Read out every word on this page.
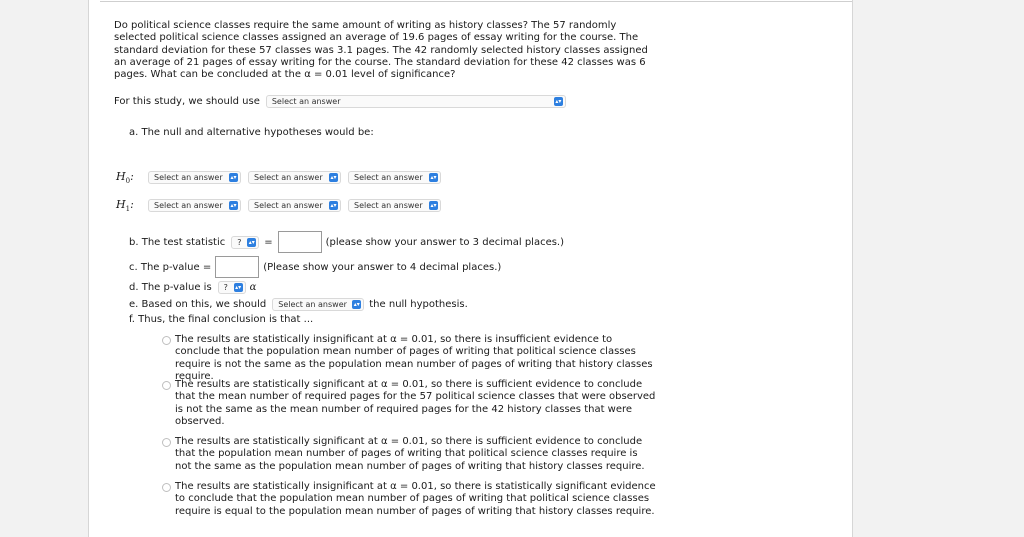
Do political science classes require the same amount of writing as history classes? The 57 randomly selected political science classes assigned an average of 19.6 pages of essay writing for the course. The standard deviation for these 57 classes was 3.1 pages. The 42 randomly selected history classes assigned an average of 21 pages of essay writing for the course. The standard deviation for these 42 classes was 6 pages. What can be concluded at the α = 0.01 level of significance?

For this study, we should use Select an answer	▴▾
a. The null and alternative hypotheses would be:
$H_0$:	Select an answer ▴▾ Select an answer ▴▾ Select an answer ▴▾
$H_1$:	Select an answer ▴▾ Select an answer ▴▾ Select an answer ▴▾
b. The test statistic ? ▴▾ =	(please show your answer to 3 decimal places.)
c. The p-value =	(Please show your answer to 4 decimal places.)
d. The p-value is ? ▴▾ α
e. Based on this, we should Select an answer ▴▾ the null hypothesis.
f. Thus, the final conclusion is that ...
The results are statistically insignificant at α = 0.01, so there is insufficient evidence to conclude that the population mean number of pages of writing that political science classes require is not the same as the population mean number of pages of writing that history classes require.
The results are statistically significant at α = 0.01, so there is sufficient evidence to conclude that the mean number of required pages for the 57 political science classes that were observed is not the same as the mean number of required pages for the 42 history classes that were observed.
The results are statistically significant at α = 0.01, so there is sufficient evidence to conclude that the population mean number of pages of writing that political science classes require is not the same as the population mean number of pages of writing that history classes require.
The results are statistically insignificant at α = 0.01, so there is statistically significant evidence to conclude that the population mean number of pages of writing that political science classes require is equal to the population mean number of pages of writing that history classes require.
